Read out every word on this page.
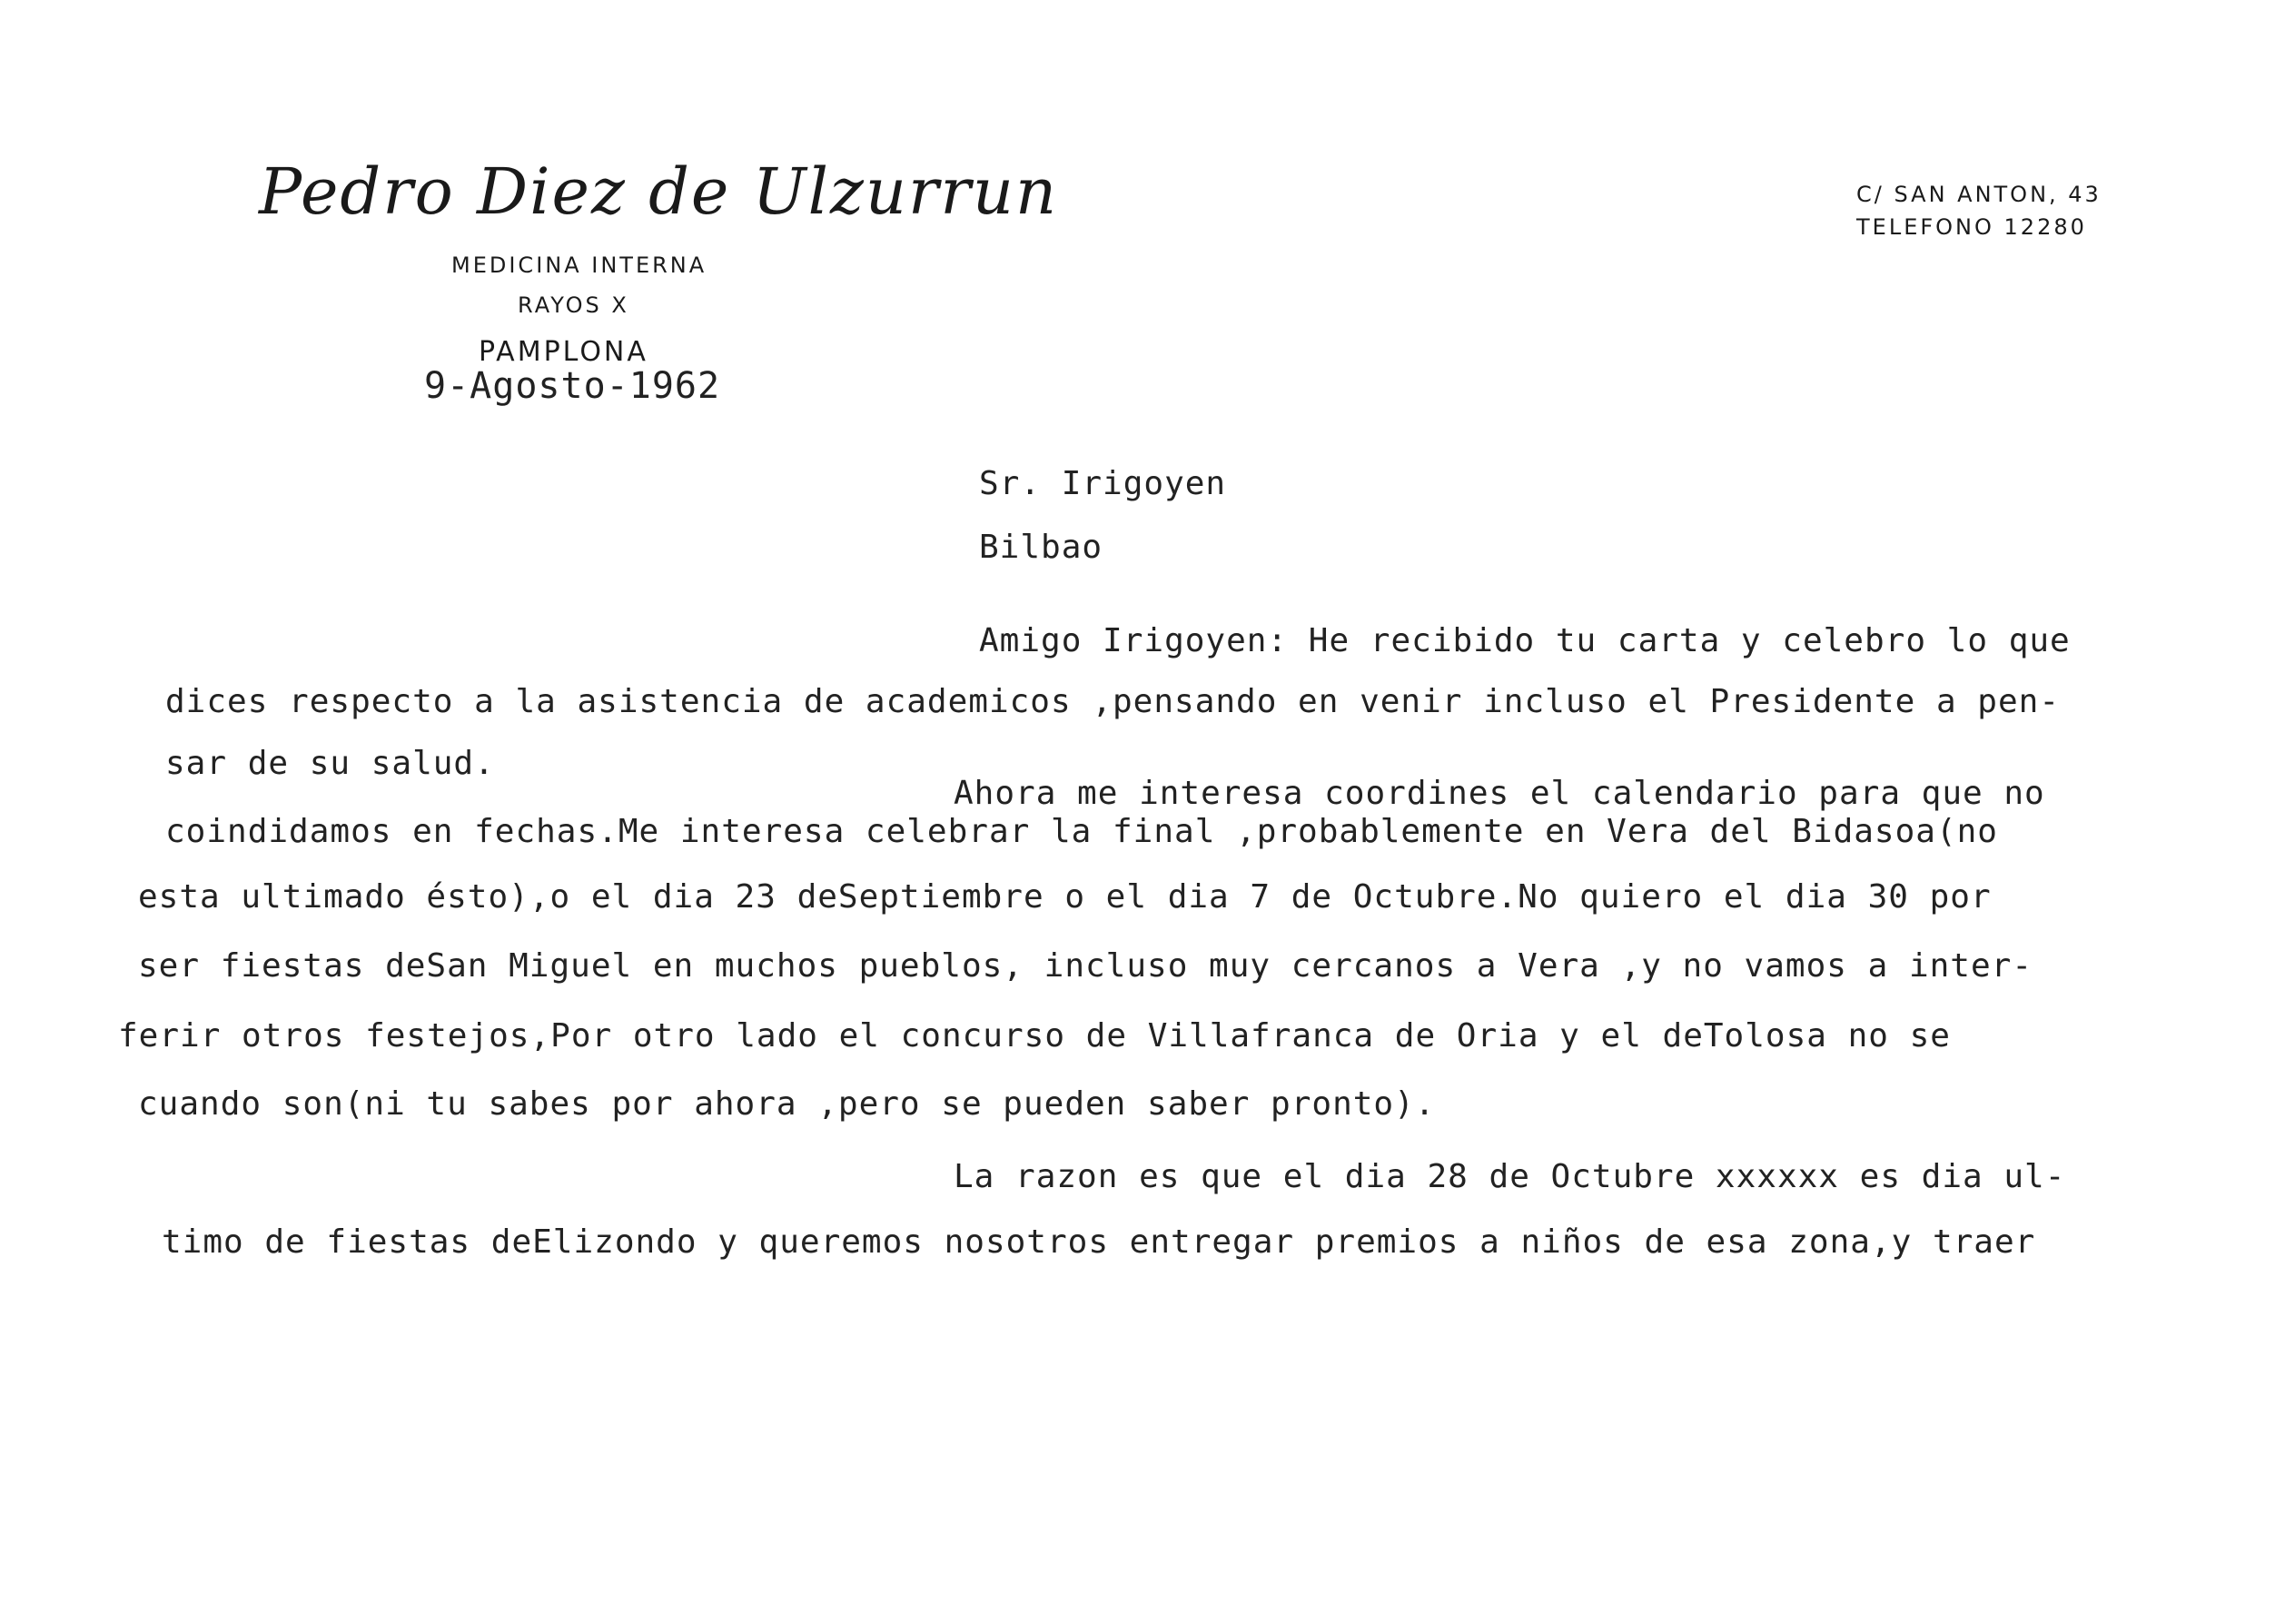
Pedro Diez de Ulzurrun
MEDICINA INTERNA
RAYOS X
PAMPLONA
C/ SAN ANTON, 43
TELEFONO 12280
9-Agosto-1962
Sr. Irigoyen
Bilbao
Amigo Irigoyen: He recibido tu carta y celebro lo que
dices respecto a la asistencia de academicos ,pensando en venir incluso el Presidente a pen-
sar de su salud.
Ahora me interesa coordines el calendario para que no
coindidamos en fechas.Me interesa celebrar la final ,probablemente en Vera del Bidasoa(no
esta ultimado ésto),o el dia 23 deSeptiembre o el dia 7 de Octubre.No quiero el dia 30 por
ser fiestas deSan Miguel en muchos pueblos, incluso muy cercanos a Vera ,y no vamos a inter-
ferir otros festejos,Por otro lado el concurso de Villafranca de Oria y el deTolosa no se
cuando son(ni tu sabes por ahora ,pero se pueden saber pronto).
La razon es que el dia 28 de Octubre xxxxxx es dia ul-
timo de fiestas deElizondo y queremos nosotros entregar premios a niños de esa zona,y traer
